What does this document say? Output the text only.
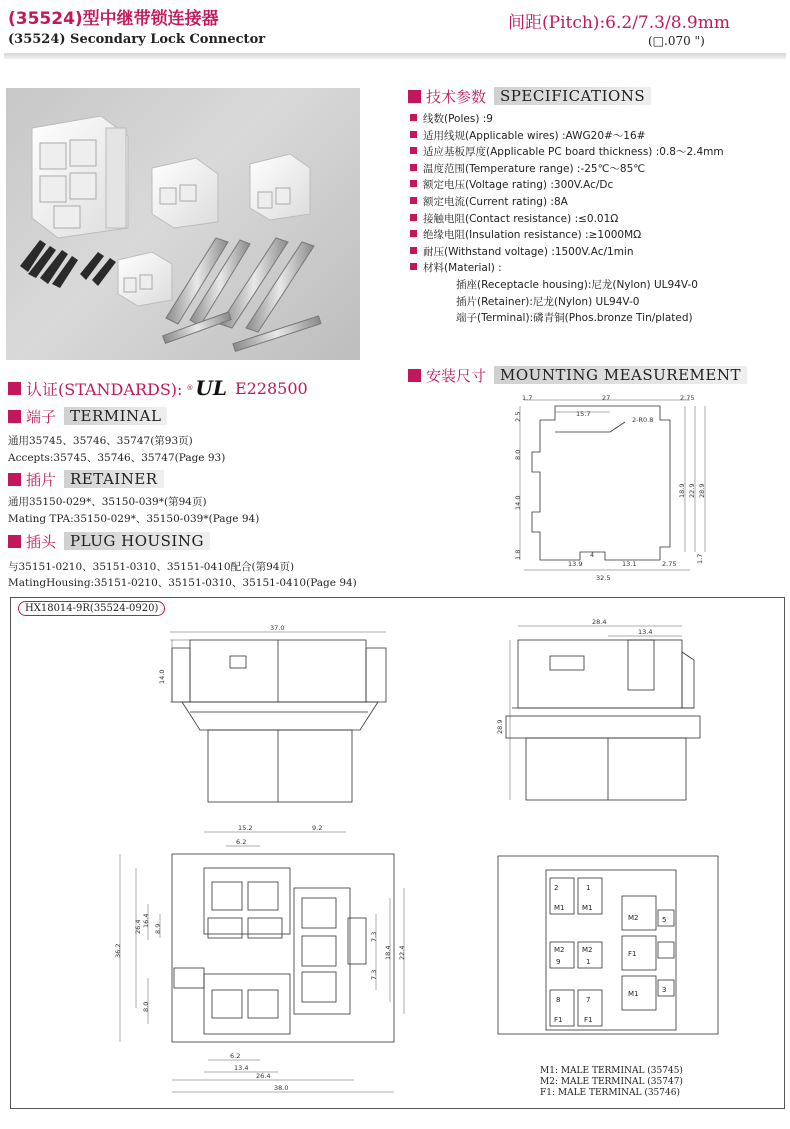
(35524)型中继带锁连接器
(35524) Secondary Lock Connector
间距(Pitch):6.2/7.3/8.9mm
(□.070 ")
技术参数 SPECIFICATIONS
线数(Poles) :9
适用线规(Applicable wires) :AWG20#～16#
适应基板厚度(Applicable PC board thickness) :0.8～2.4mm
温度范围(Temperature range) :-25℃～85℃
额定电压(Voltage rating) :300V.Ac/Dc
额定电流(Current rating) :8A
接触电阻(Contact resistance) :≤0.01Ω
绝缘电阻(Insulation resistance) :≥1000MΩ
耐压(Withstand voltage) :1500V.Ac/1min
材料(Material) :
插座(Receptacle housing):尼龙(Nylon) UL94V-0
插片(Retainer):尼龙(Nylon) UL94V-0
端子(Terminal):磷青铜(Phos.bronze Tin/plated)
认证(STANDARDS): ® UL E228500
端子 TERMINAL
通用35745、35746、35747(第93页)
Accepts:35745、35746、35747(Page 93)
插片 RETAINER
通用35150-029*、35150-039*(第94页)
Mating TPA:35150-029*、35150-039*(Page 94)
插头 PLUG HOUSING
与35151-0210、35151-0310、35151-0410配合(第94页)
MatingHousing:35151-0210、35151-0310、35151-0410(Page 94)
安装尺寸 MOUNTING MEASUREMENT
1.7	27	2.75
15.7
2-R0.8
2.5
8.0
14.0
1.8
18.9 22.9 28.9
4
13.9	13.1	2.75	1.7
32.5
HX18014-9R(35524-0920)
37.0
14.0
28.4
13.4
28.9
15.2	9.2
6.2
26.4 16.4
8.9
36.2
8.0
7.3
7.3
18.4 22.4
6.2
13.4
26.4
38.0
2	1
M1	M1
M2	M2
1
5
M2
F1
9
8	7
M1	3
F1	F1
M1: MALE TERMINAL (35745)
M2: MALE TERMINAL (35747)
F1: MALE TERMINAL (35746)
